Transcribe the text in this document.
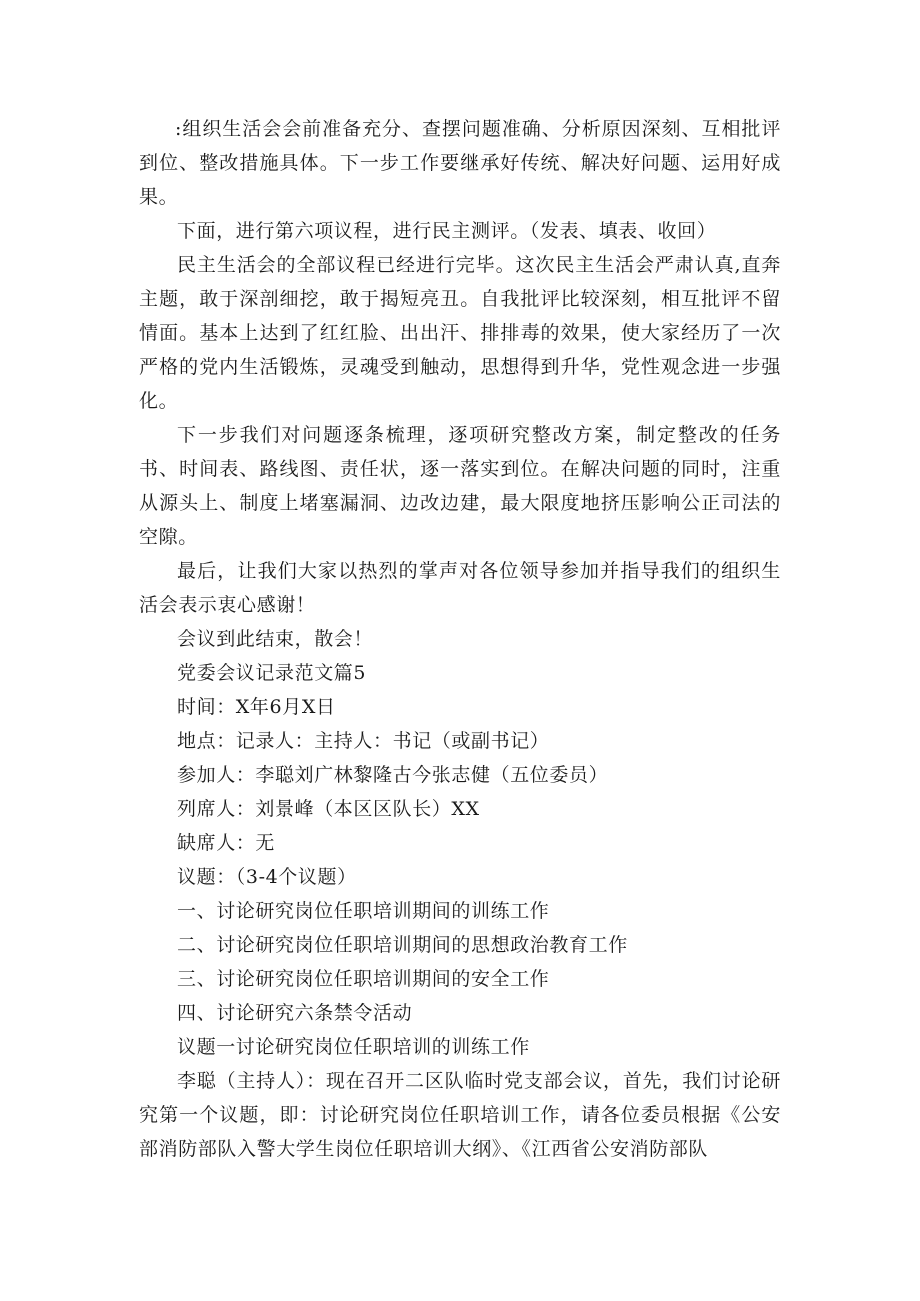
:组织生活会会前准备充分、查摆问题准确、分析原因深刻、互相批评到位、整改措施具体。下一步工作要继承好传统、解决好问题、运用好成果。

下面，进行第六项议程，进行民主测评。（发表、填表、收回）

民主生活会的全部议程已经进行完毕。这次民主生活会严肃认真,直奔主题，敢于深剖细挖，敢于揭短亮丑。自我批评比较深刻，相互批评不留情面。基本上达到了红红脸、出出汗、排排毒的效果，使大家经历了一次严格的党内生活锻炼，灵魂受到触动，思想得到升华，党性观念进一步强化。

下一步我们对问题逐条梳理，逐项研究整改方案，制定整改的任务书、时间表、路线图、责任状，逐一落实到位。在解决问题的同时，注重从源头上、制度上堵塞漏洞、边改边建，最大限度地挤压影响公正司法的空隙。

最后，让我们大家以热烈的掌声对各位领导参加并指导我们的组织生活会表示衷心感谢！

会议到此结束，散会！

党委会议记录范文篇5

时间：X年6月X日

地点：记录人：主持人：书记（或副书记）

参加人：李聪刘广林黎隆古今张志健（五位委员）

列席人：刘景峰（本区区队长）XX

缺席人：无

议题：（3-4个议题）

一、讨论研究岗位任职培训期间的训练工作

二、讨论研究岗位任职培训期间的思想政治教育工作

三、讨论研究岗位任职培训期间的安全工作

四、讨论研究六条禁令活动

议题一讨论研究岗位任职培训的训练工作

李聪（主持人）：现在召开二区队临时党支部会议，首先，我们讨论研究第一个议题，即：讨论研究岗位任职培训工作，请各位委员根据《公安部消防部队入警大学生岗位任职培训大纲》、《江西省公安消防部队
